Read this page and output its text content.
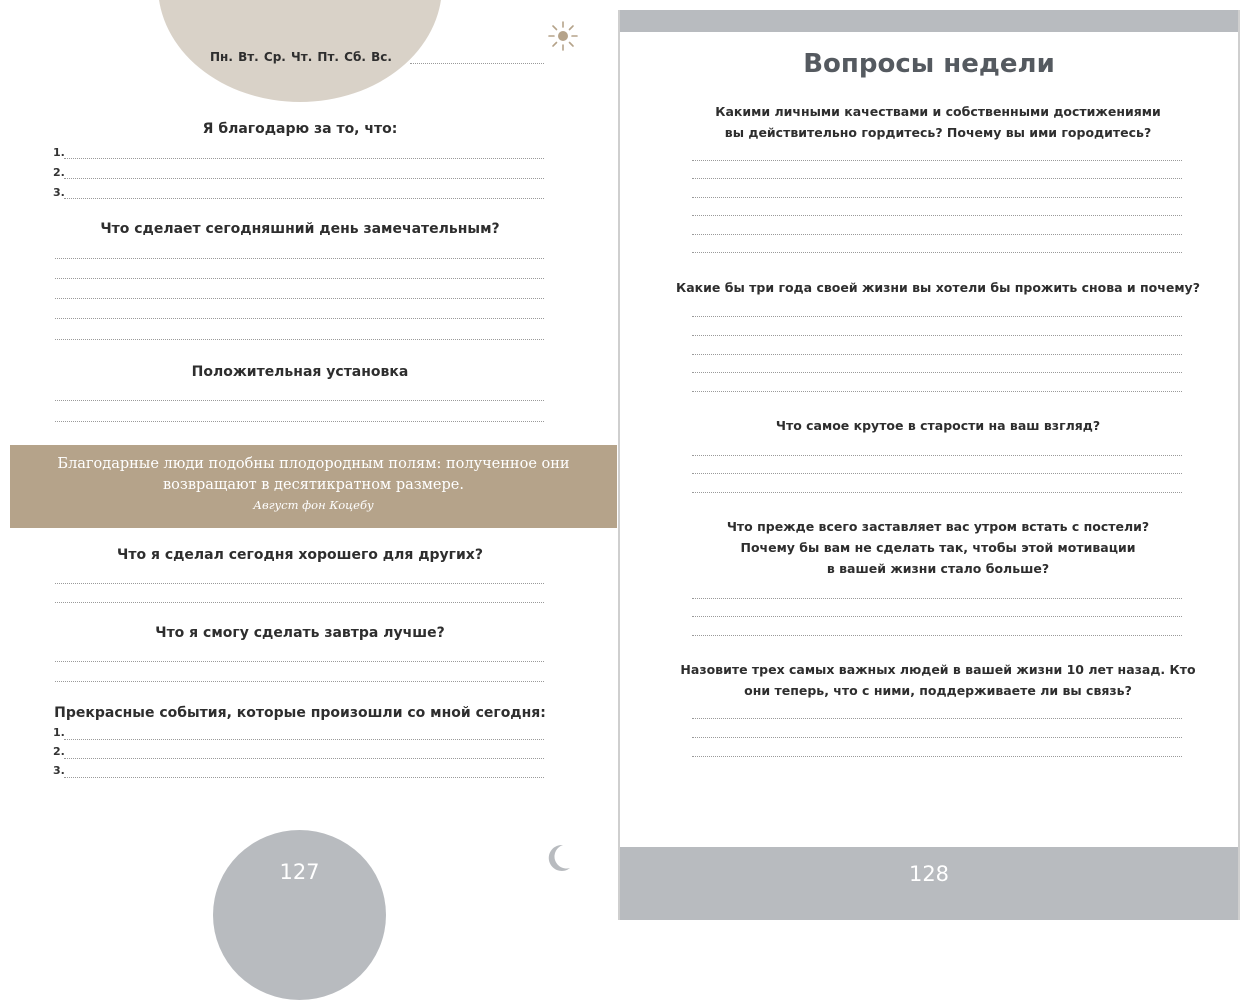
Пн. Вт. Ср. Чт. Пт. Сб. Вс.
Я благодарю за то, что:
1.
2.
3.
Что сделает сегодняшний день замечательным?
Положительная установка
Благодарные люди подобны плодородным полям: полученное они
возвращают в десятикратном размере.
Август фон Коцебу
Что я сделал сегодня хорошего для других?
Что я смогу сделать завтра лучше?
Прекрасные события, которые произошли со мной сегодня:
1.
2.
3.
127
Вопросы недели
Какими личными качествами и собственными достижениями
вы действительно гордитесь? Почему вы ими городитесь?
Какие бы три года своей жизни вы хотели бы прожить снова и почему?
Что самое крутое в старости на ваш взгляд?
Что прежде всего заставляет вас утром встать с постели?
Почему бы вам не сделать так, чтобы этой мотивации
в вашей жизни стало больше?
Назовите трех самых важных людей в вашей жизни 10 лет назад. Кто
они теперь, что с ними, поддерживаете ли вы связь?
128
